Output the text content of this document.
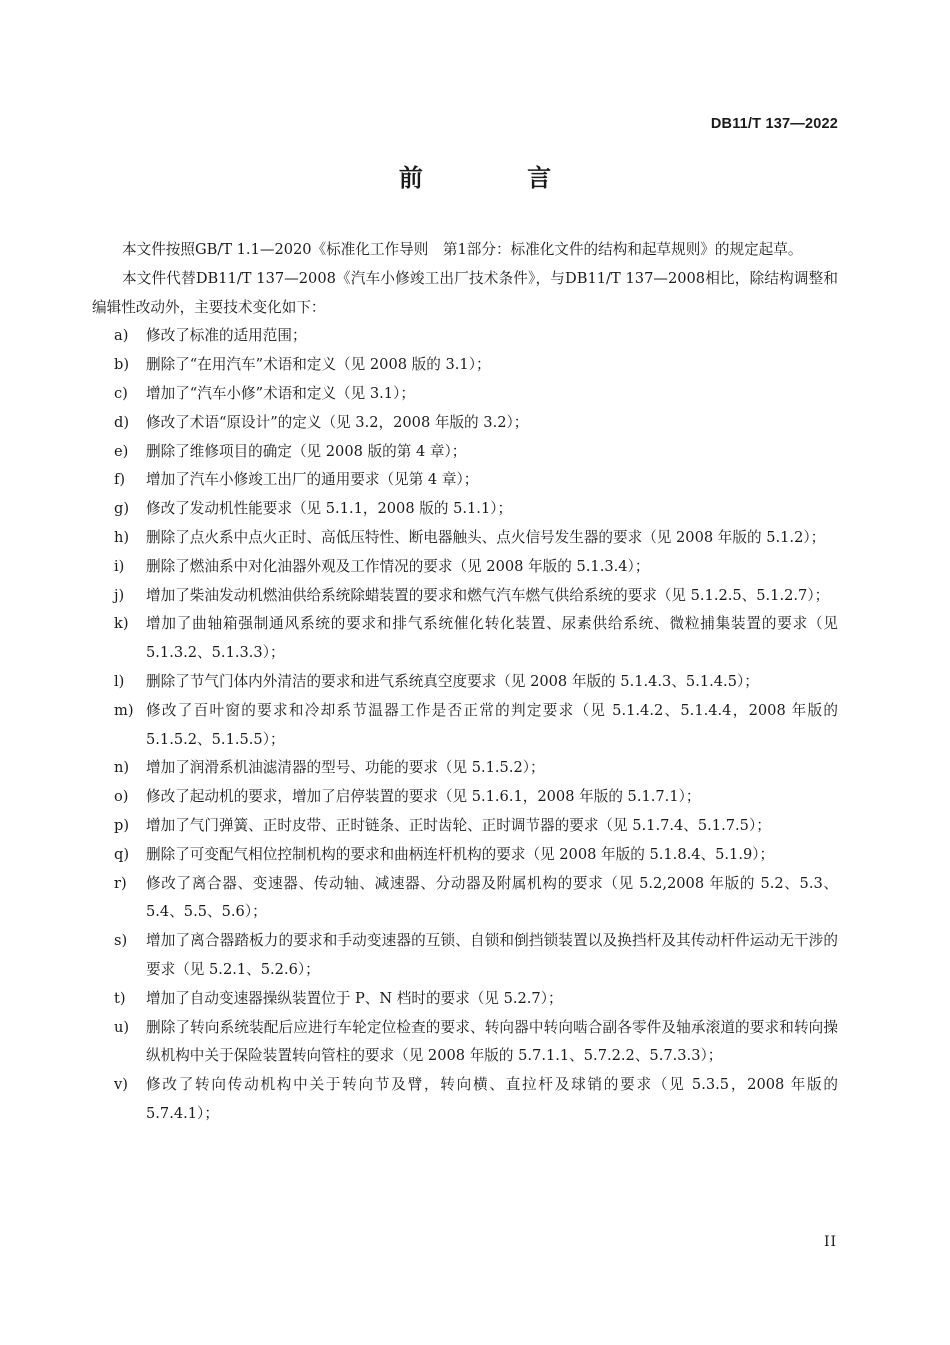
DB11/T 137—2022
前 言

本文件按照GB/T 1.1—2020《标准化工作导则　第1部分：标准化文件的结构和起草规则》的规定起草。

本文件代替DB11/T 137—2008《汽车小修竣工出厂技术条件》，与DB11/T 137—2008相比，除结构调整和编辑性改动外，主要技术变化如下：

a) 修改了标准的适用范围；
b) 删除了“在用汽车”术语和定义（见 2008 版的 3.1）；
c) 增加了“汽车小修”术语和定义（见 3.1）；
d) 修改了术语“原设计”的定义（见 3.2，2008 年版的 3.2）；
e) 删除了维修项目的确定（见 2008 版的第 4 章）；
f) 增加了汽车小修竣工出厂的通用要求（见第 4 章）；
g) 修改了发动机性能要求（见 5.1.1，2008 版的 5.1.1）；
h) 删除了点火系中点火正时、高低压特性、断电器触头、点火信号发生器的要求（见 2008 年版的 5.1.2）；
i) 删除了燃油系中对化油器外观及工作情况的要求（见 2008 年版的 5.1.3.4）；
j) 增加了柴油发动机燃油供给系统除蜡装置的要求和燃气汽车燃气供给系统的要求（见 5.1.2.5、5.1.2.7）；
k) 增加了曲轴箱强制通风系统的要求和排气系统催化转化装置、尿素供给系统、微粒捕集装置的要求（见 5.1.3.2、5.1.3.3）；
l) 删除了节气门体内外清洁的要求和进气系统真空度要求（见 2008 年版的 5.1.4.3、5.1.4.5）；
m) 修改了百叶窗的要求和冷却系节温器工作是否正常的判定要求（见 5.1.4.2、5.1.4.4，2008 年版的 5.1.5.2、5.1.5.5）；
n) 增加了润滑系机油滤清器的型号、功能的要求（见 5.1.5.2）；
o) 修改了起动机的要求，增加了启停装置的要求（见 5.1.6.1，2008 年版的 5.1.7.1）；
p) 增加了气门弹簧、正时皮带、正时链条、正时齿轮、正时调节器的要求（见 5.1.7.4、5.1.7.5）；
q) 删除了可变配气相位控制机构的要求和曲柄连杆机构的要求（见 2008 年版的 5.1.8.4、5.1.9）；
r) 修改了离合器、变速器、传动轴、减速器、分动器及附属机构的要求（见 5.2,2008 年版的 5.2、5.3、5.4、5.5、5.6）；
s) 增加了离合器踏板力的要求和手动变速器的互锁、自锁和倒挡锁装置以及换挡杆及其传动杆件运动无干涉的要求（见 5.2.1、5.2.6）；
t) 增加了自动变速器操纵装置位于 P、N 档时的要求（见 5.2.7）；
u) 删除了转向系统装配后应进行车轮定位检查的要求、转向器中转向啮合副各零件及轴承滚道的要求和转向操纵机构中关于保险装置转向管柱的要求（见 2008 年版的 5.7.1.1、5.7.2.2、5.7.3.3）；
v) 修改了转向传动机构中关于转向节及臂，转向横、直拉杆及球销的要求（见 5.3.5，2008 年版的 5.7.4.1）；
II
